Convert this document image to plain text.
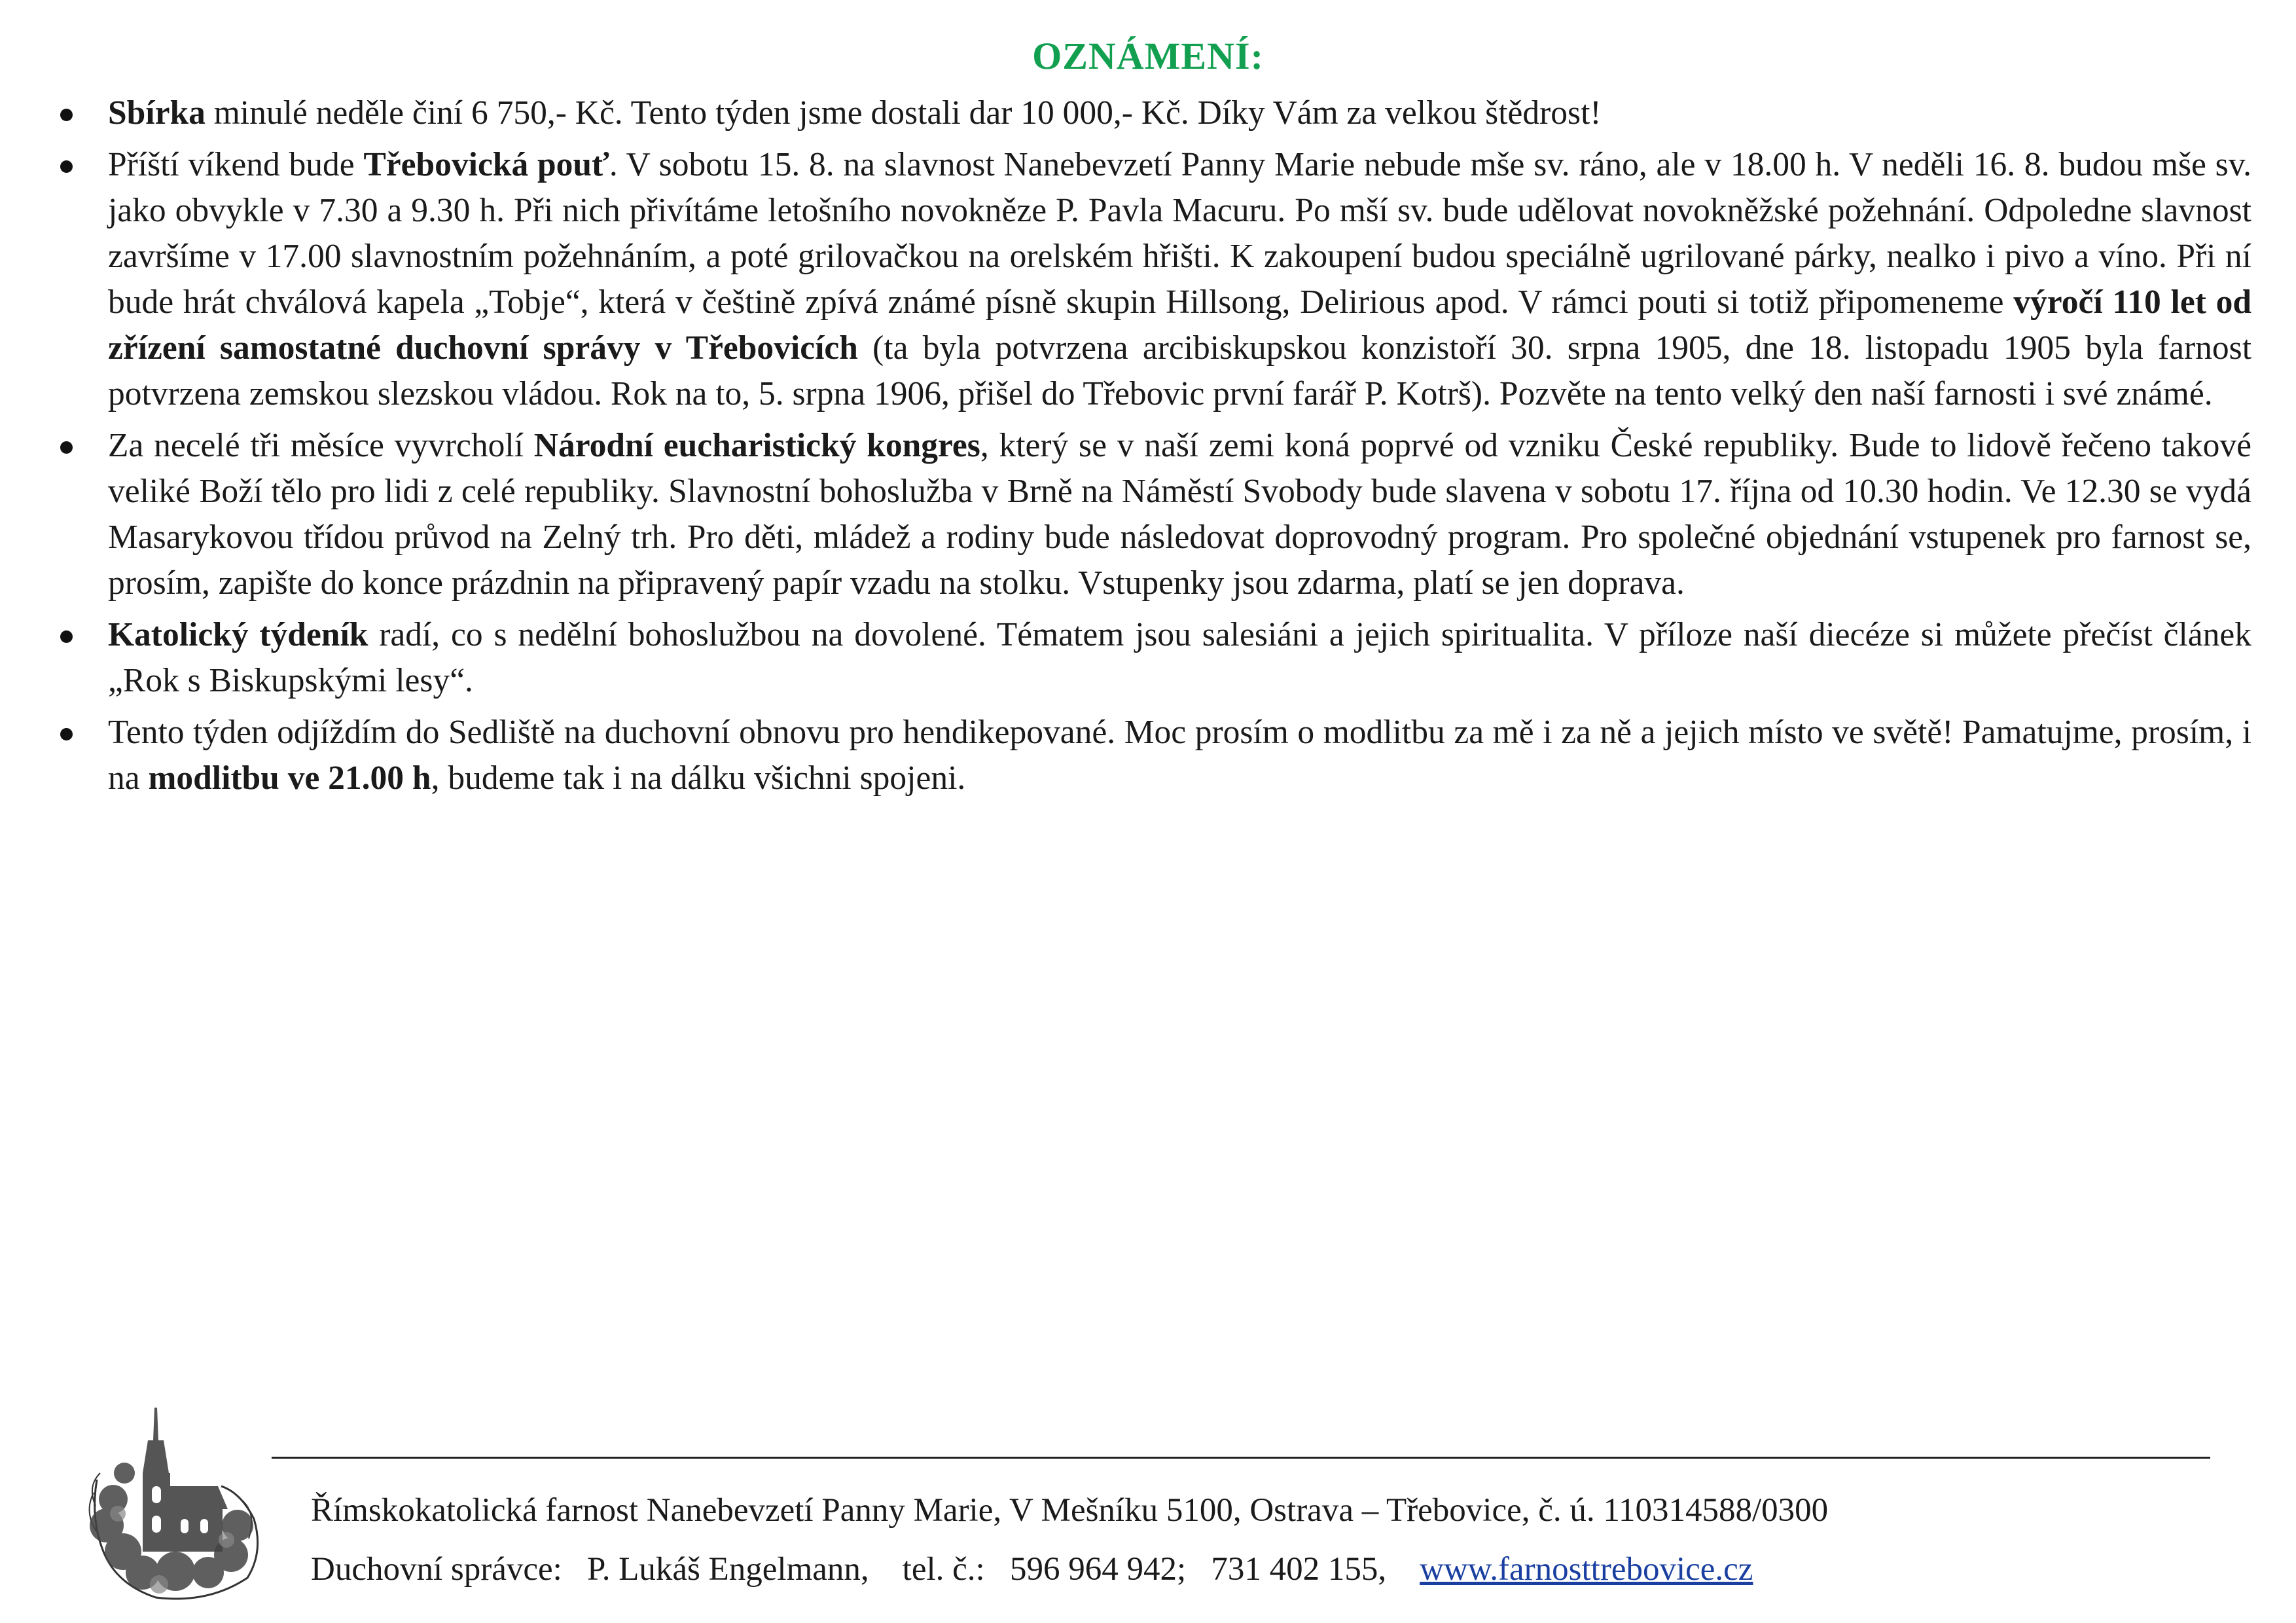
OZNÁMENÍ:
Sbírka minulé neděle činí 6 750,- Kč. Tento týden jsme dostali dar 10 000,- Kč. Díky Vám za velkou štědrost!
Příští víkend bude Třebovická pouť. V sobotu 15. 8. na slavnost Nanebevzetí Panny Marie nebude mše sv. ráno, ale v 18.00 h. V neděli 16. 8. budou mše sv. jako obvykle v 7.30 a 9.30 h. Při nich přivítáme letošního novokněze P. Pavla Macuru. Po mší sv. bude udělovat novokněžské požehnání. Odpoledne slavnost završíme v 17.00 slavnostním požehnáním, a poté grilovačkou na orelském hřišti. K zakoupení budou speciálně ugrilované párky, nealko i pivo a víno. Při ní bude hrát chválová kapela „Tobje“, která v češtině zpívá známé písně skupin Hillsong, Delirious apod. V rámci pouti si totiž připomeneme výročí 110 let od zřízení samostatné duchovní správy v Třebovicích (ta byla potvrzena arcibiskupskou konzistoří 30. srpna 1905, dne 18. listopadu 1905 byla farnost potvrzena zemskou slezskou vládou. Rok na to, 5. srpna 1906, přišel do Třebovic první farář P. Kotrš). Pozvěte na tento velký den naší farnosti i své známé.
Za necelé tři měsíce vyvrcholí Národní eucharistický kongres, který se v naší zemi koná poprvé od vzniku České republiky. Bude to lidově řečeno takové veliké Boží tělo pro lidi z celé republiky. Slavnostní bohoslužba v Brně na Náměstí Svobody bude slavena v sobotu 17. října od 10.30 hodin. Ve 12.30 se vydá Masarykovou třídou průvod na Zelný trh. Pro děti, mládež a rodiny bude následovat doprovodný program. Pro společné objednání vstupenek pro farnost se, prosím, zapište do konce prázdnin na připravený papír vzadu na stolku. Vstupenky jsou zdarma, platí se jen doprava.
Katolický týdeník radí, co s nedělní bohoslužbou na dovolené. Tématem jsou salesiáni a jejich spiritualita. V příloze naší diecéze si můžete přečíst článek „Rok s Biskupskými lesy“.
Tento týden odjíždím do Sedliště na duchovní obnovu pro hendikepované. Moc prosím o modlitbu za mě i za ně a jejich místo ve světě! Pamatujme, prosím, i na modlitbu ve 21.00 h, budeme tak i na dálku všichni spojeni.
Římskokatolická farnost Nanebevzetí Panny Marie, V Mešníku 5100, Ostrava – Třebovice, č. ú. 110314588/0300
Duchovní správce: P. Lukáš Engelmann, tel. č.: 596 964 942; 731 402 155, www.farnosttrebovice.cz
